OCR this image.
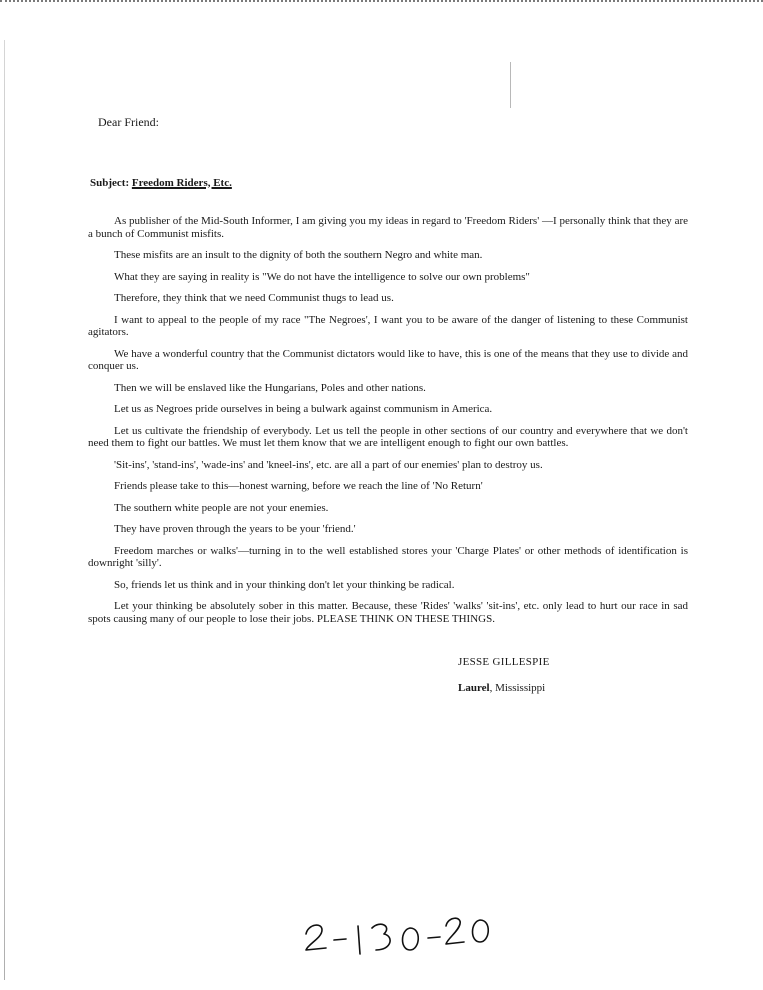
Dear Friend:
Subject: Freedom Riders, Etc.

As publisher of the Mid-South Informer, I am giving you my ideas in regard to 'Freedom Riders' —I personally think that they are a bunch of Communist misfits.

These misfits are an insult to the dignity of both the southern Negro and white man.

What they are saying in reality is "We do not have the intelligence to solve our own problems"

Therefore, they think that we need Communist thugs to lead us.

I want to appeal to the people of my race "The Negroes', I want you to be aware of the danger of listening to these Communist agitators.

We have a wonderful country that the Communist dictators would like to have, this is one of the means that they use to divide and conquer us.

Then we will be enslaved like the Hungarians, Poles and other nations.

Let us as Negroes pride ourselves in being a bulwark against communism in America.

Let us cultivate the friendship of everybody. Let us tell the people in other sections of our country and everywhere that we don't need them to fight our battles. We must let them know that we are intelligent enough to fight our own battles.

'Sit-ins', 'stand-ins', 'wade-ins' and 'kneel-ins', etc. are all a part of our enemies' plan to destroy us.

Friends please take to this—honest warning, before we reach the line of 'No Return'

The southern white people are not your enemies.

They have proven through the years to be your 'friend.'

Freedom marches or walks'—turning in to the well established stores your 'Charge Plates' or other methods of identification is downright 'silly'.

So, friends let us think and in your thinking don't let your thinking be radical.

Let your thinking be absolutely sober in this matter. Because, these 'Rides' 'walks' 'sit-ins', etc. only lead to hurt our race in sad spots causing many of our people to lose their jobs. PLEASE THINK ON THESE THINGS.

JESSE GILLESPIE
Laurel, Mississippi
